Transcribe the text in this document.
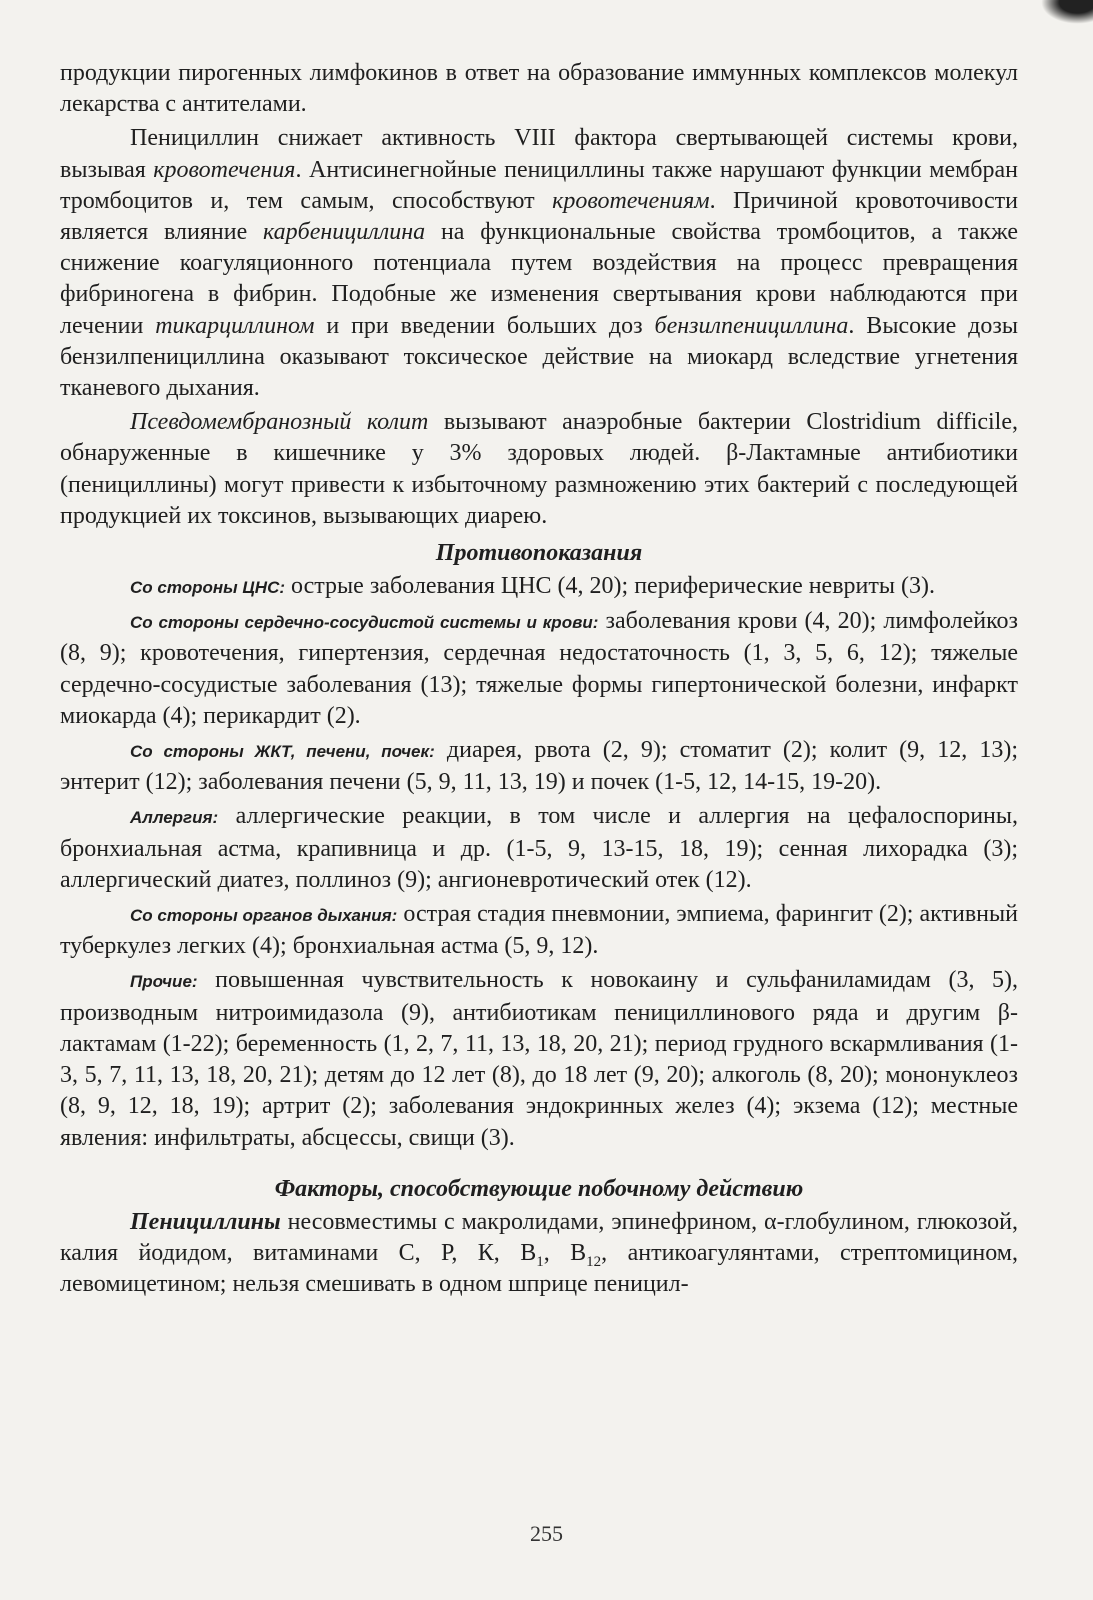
продукции пирогенных лимфокинов в ответ на образование иммунных комплексов молекул лекарства с антителами.

Пенициллин снижает активность VIII фактора свертывающей системы крови, вызывая кровотечения. Антисинегнойные пенициллины также нарушают функции мембран тромбоцитов и, тем самым, способствуют кровотечениям. Причиной кровоточивости является влияние карбенициллина на функциональные свойства тромбоцитов, а также снижение коагуляционного потенциала путем воздействия на процесс превращения фибриногена в фибрин. Подобные же изменения свертывания крови наблюдаются при лечении тикарциллином и при введении больших доз бензилпенициллина. Высокие дозы бензилпенициллина оказывают токсическое действие на миокард вследствие угнетения тканевого дыхания.

Псевдомембранозный колит вызывают анаэробные бактерии Clostridium difficile, обнаруженные в кишечнике у 3% здоровых людей. β-Лактамные антибиотики (пенициллины) могут привести к избыточному размножению этих бактерий с последующей продукцией их токсинов, вызывающих диарею.

Противопоказания

Со стороны ЦНС: острые заболевания ЦНС (4, 20); периферические невриты (3).

Со стороны сердечно-сосудистой системы и крови: заболевания крови (4, 20); лимфолейкоз (8, 9); кровотечения, гипертензия, сердечная недостаточность (1, 3, 5, 6, 12); тяжелые сердечно-сосудистые заболевания (13); тяжелые формы гипертонической болезни, инфаркт миокарда (4); перикардит (2).

Со стороны ЖКТ, печени, почек: диарея, рвота (2, 9); стоматит (2); колит (9, 12, 13); энтерит (12); заболевания печени (5, 9, 11, 13, 19) и почек (1-5, 12, 14-15, 19-20).

Аллергия: аллергические реакции, в том числе и аллергия на цефалоспорины, бронхиальная астма, крапивница и др. (1-5, 9, 13-15, 18, 19); сенная лихорадка (3); аллергический диатез, поллиноз (9); ангионевротический отек (12).

Со стороны органов дыхания: острая стадия пневмонии, эмпиема, фарингит (2); активный туберкулез легких (4); бронхиальная астма (5, 9, 12).

Прочие: повышенная чувствительность к новокаину и сульфаниламидам (3, 5), производным нитроимидазола (9), антибиотикам пенициллинового ряда и другим β-лактамам (1-22); беременность (1, 2, 7, 11, 13, 18, 20, 21); период грудного вскармливания (1-3, 5, 7, 11, 13, 18, 20, 21); детям до 12 лет (8), до 18 лет (9, 20); алкоголь (8, 20); мононуклеоз (8, 9, 12, 18, 19); артрит (2); заболевания эндокринных желез (4); экзема (12); местные явления: инфильтраты, абсцессы, свищи (3).

Факторы, способствующие побочному действию

Пенициллины несовместимы с макролидами, эпинефрином, α-глобулином, глюкозой, калия йодидом, витаминами С, Р, К, $В_1$, $В_{12}$, антикоагулянтами, стрептомицином, левомицетином; нельзя смешивать в одном шприце пеницил-

255
